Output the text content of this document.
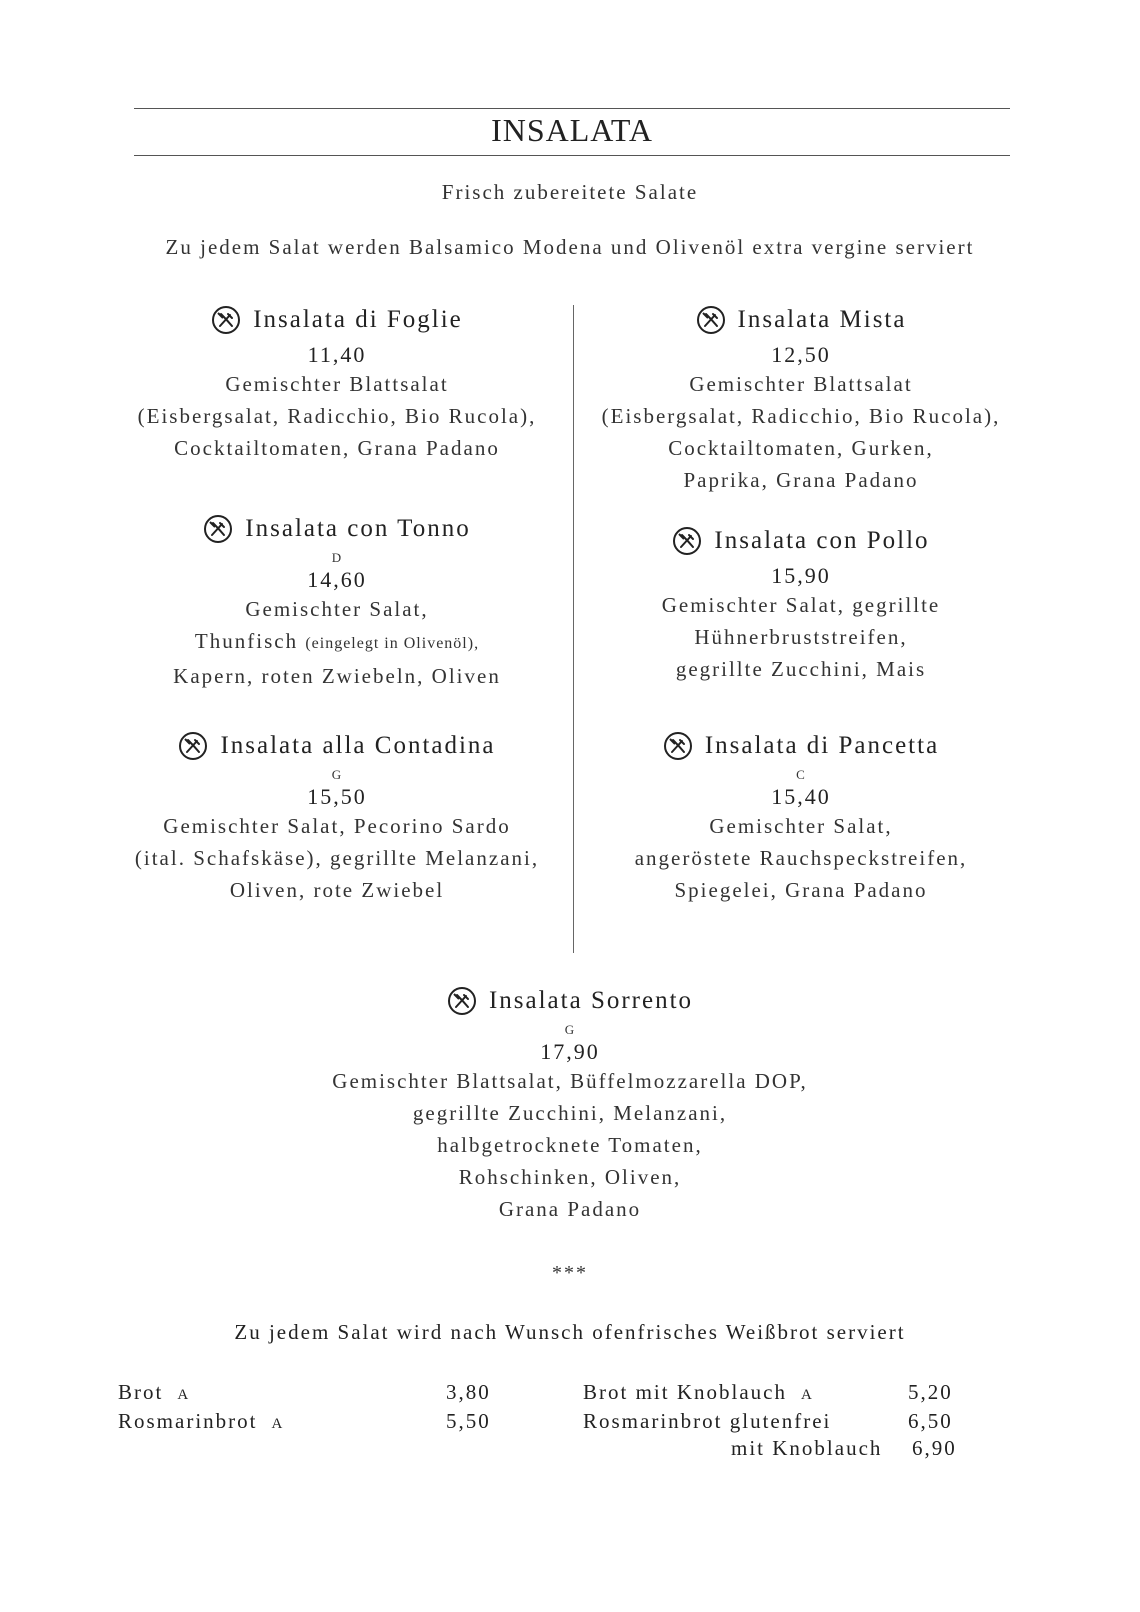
INSALATA
Frisch zubereitete Salate
Zu jedem Salat werden Balsamico Modena und Olivenöl extra vergine serviert
Insalata di Foglie
11,40
Gemischter Blattsalat
(Eisbergsalat, Radicchio, Bio Rucola),
Cocktailtomaten, Grana Padano
Insalata con Tonno
D
14,60
Gemischter Salat,
Thunfisch (eingelegt in Olivenöl),
Kapern, roten Zwiebeln, Oliven
Insalata alla Contadina
G
15,50
Gemischter Salat, Pecorino Sardo
(ital. Schafskäse), gegrillte Melanzani,
Oliven, rote Zwiebel
Insalata Mista
12,50
Gemischter Blattsalat
(Eisbergsalat, Radicchio, Bio Rucola),
Cocktailtomaten, Gurken,
Paprika, Grana Padano
Insalata con Pollo
15,90
Gemischter Salat, gegrillte
Hühnerbruststreifen,
gegrillte Zucchini, Mais
Insalata di Pancetta
C
15,40
Gemischter Salat,
angeröstete Rauchspeckstreifen,
Spiegelei, Grana Padano
Insalata Sorrento
G
17,90
Gemischter Blattsalat, Büffelmozzarella DOP,
gegrillte Zucchini, Melanzani,
halbgetrocknete Tomaten,
Rohschinken, Oliven,
Grana Padano
***
Zu jedem Salat wird nach Wunsch ofenfrisches Weißbrot serviert
Brot A	3,80
Rosmarinbrot A	5,50
Brot mit Knoblauch A	5,20
Rosmarinbrot glutenfrei	6,50
mit Knoblauch 6,90
